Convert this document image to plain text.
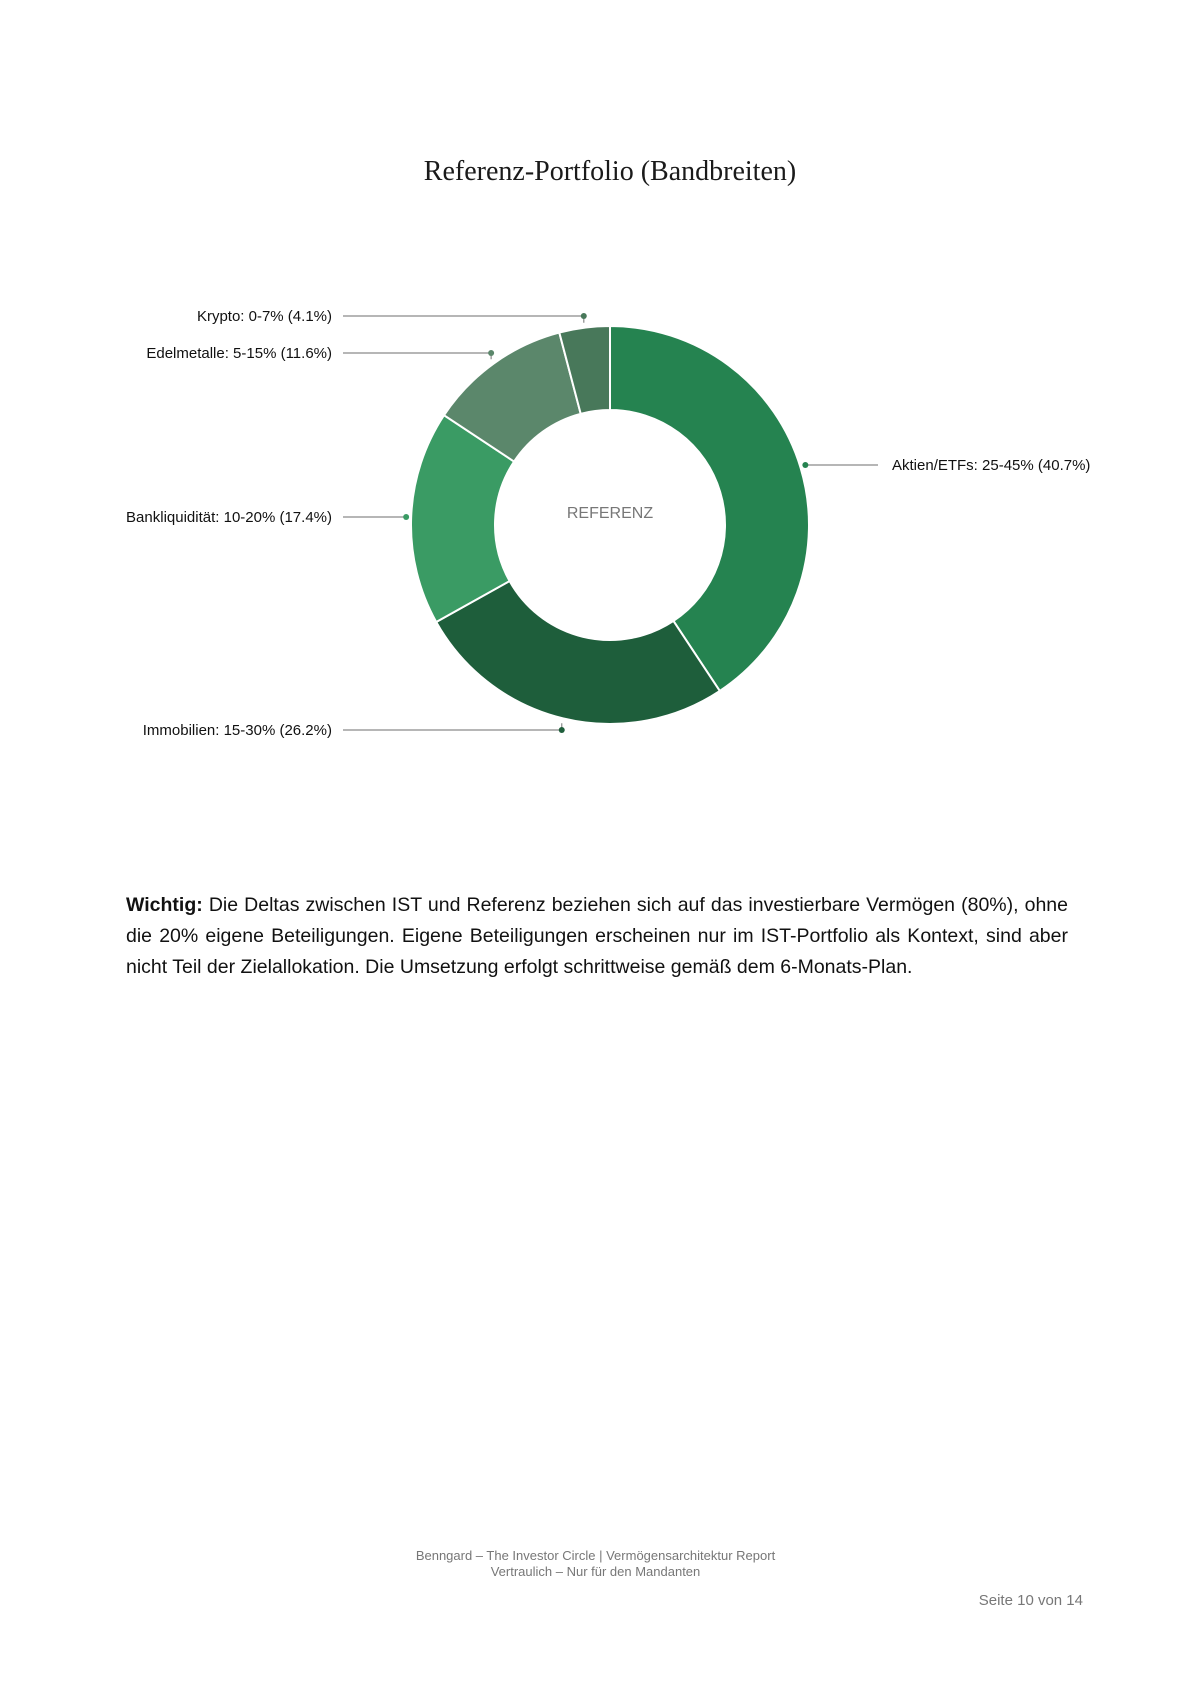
Referenz-Portfolio (Bandbreiten)
Aktien/ETFs: 25-45% (40.7%)
Immobilien: 15-30% (26.2%)
Bankliquidität: 10-20% (17.4%)
Edelmetalle: 5-15% (11.6%)
Krypto: 0-7% (4.1%)
REFERENZ
Wichtig: Die Deltas zwischen IST und Referenz beziehen sich auf das investierbare Vermögen (80%), ohne die 20% eigene Beteiligungen. Eigene Beteiligungen erscheinen nur im IST-Portfolio als Kontext, sind aber nicht Teil der Zielallokation. Die Umsetzung erfolgt schrittweise gemäß dem 6-Monats-Plan.
Benngard – The Investor Circle | Vermögensarchitektur Report
Vertraulich – Nur für den Mandanten
Seite 10 von 14
